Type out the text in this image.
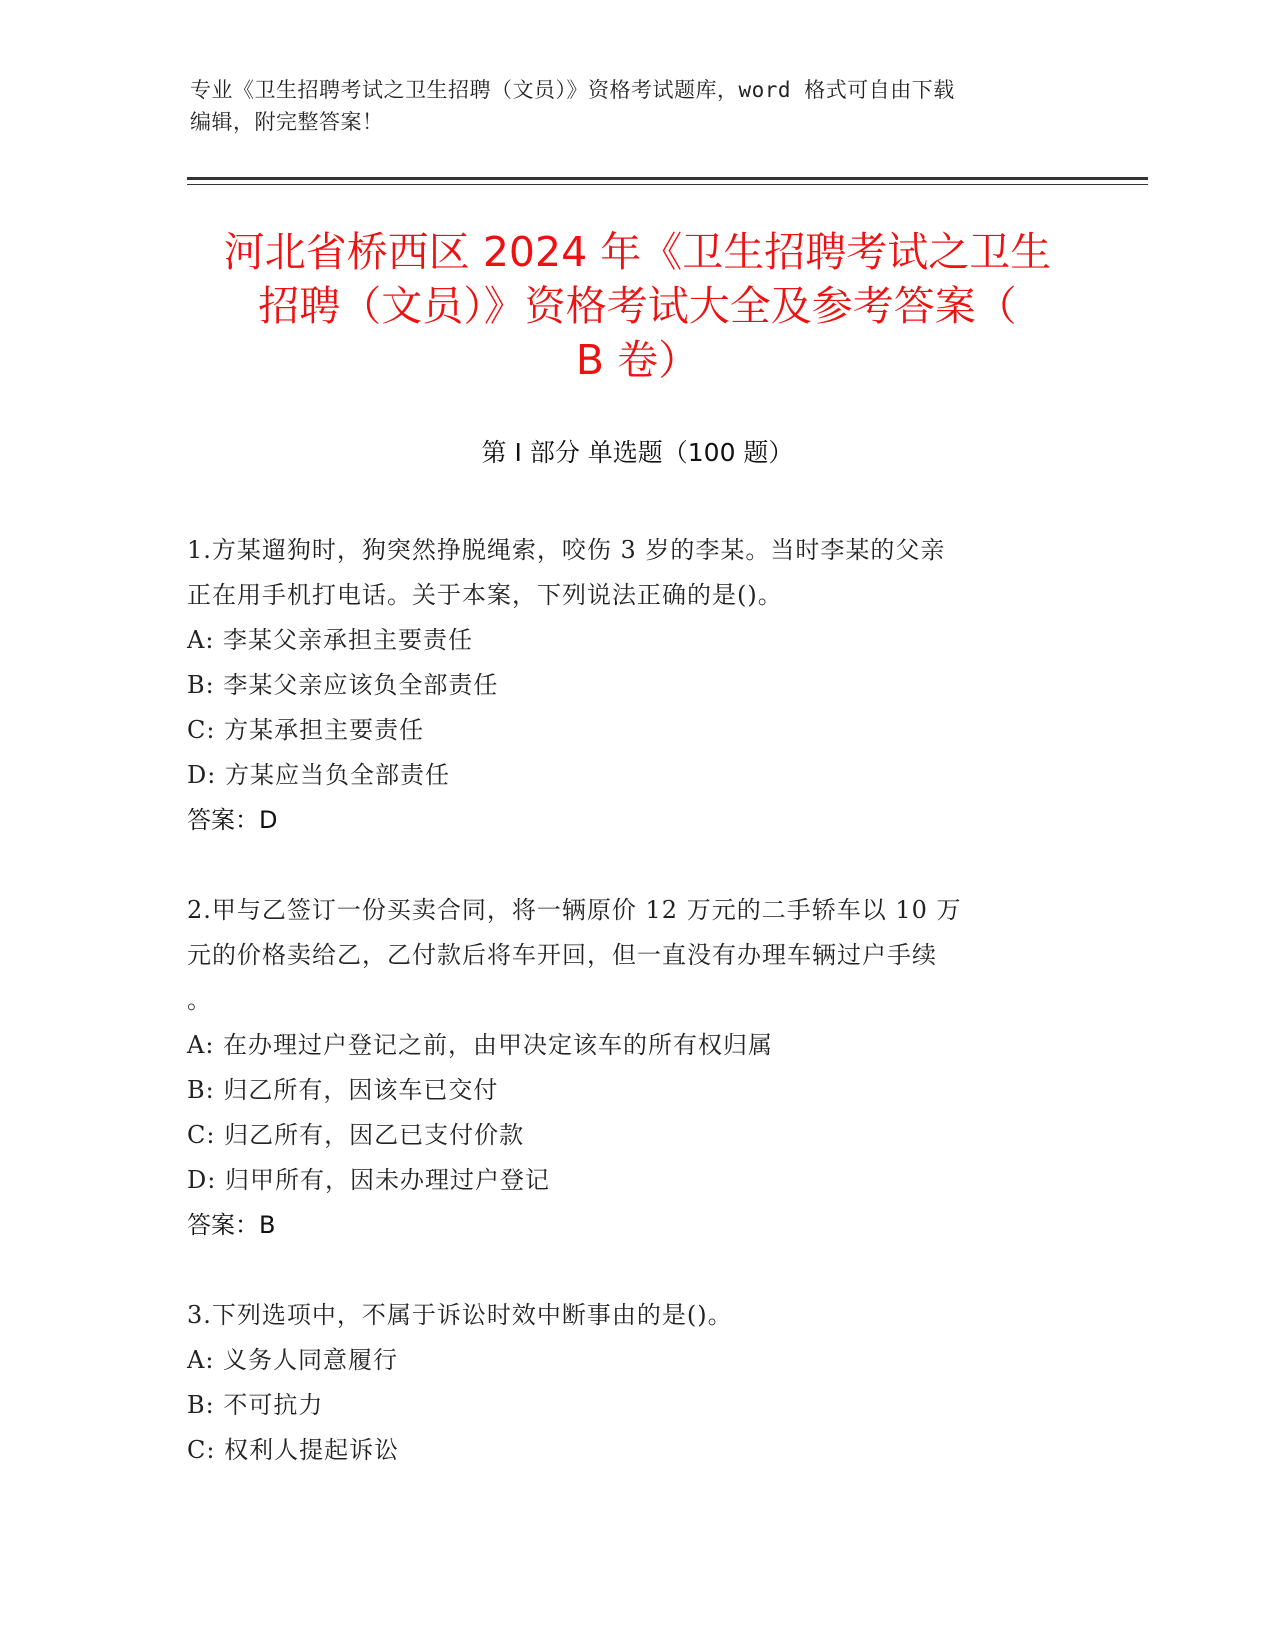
专业《卫生招聘考试之卫生招聘（文员）》资格考试题库，word 格式可自由下载
编辑，附完整答案！
河北省桥西区 2024 年《卫生招聘考试之卫生
招聘（文员）》资格考试大全及参考答案（
B 卷）
第 I 部分 单选题（100 题）

1.方某遛狗时，狗突然挣脱绳索，咬伤 3 岁的李某。当时李某的父亲

正在用手机打电话。关于本案，下列说法正确的是()。

A: 李某父亲承担主要责任

B: 李某父亲应该负全部责任

C: 方某承担主要责任

D: 方某应当负全部责任

答案：D

2.甲与乙签订一份买卖合同，将一辆原价 12 万元的二手轿车以 10 万

元的价格卖给乙，乙付款后将车开回，但一直没有办理车辆过户手续

。

A: 在办理过户登记之前，由甲决定该车的所有权归属

B: 归乙所有，因该车已交付

C: 归乙所有，因乙已支付价款

D: 归甲所有，因未办理过户登记

答案：B

3.下列选项中，不属于诉讼时效中断事由的是()。

A: 义务人同意履行

B: 不可抗力

C: 权利人提起诉讼
